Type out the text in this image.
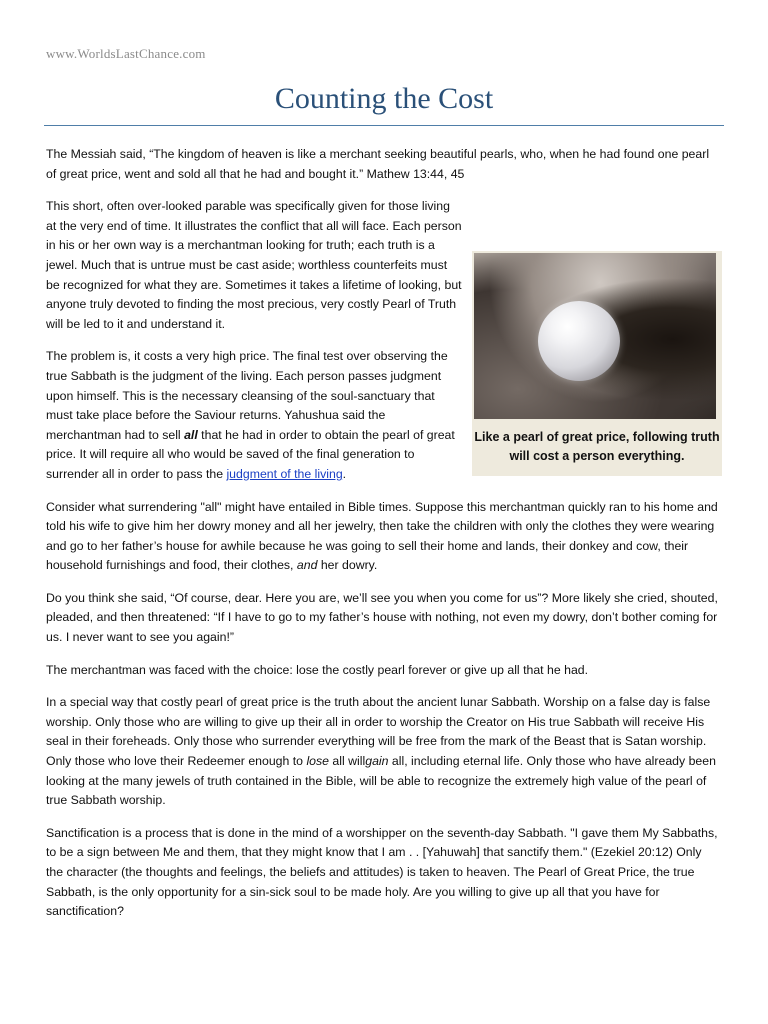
www.WorldsLastChance.com
Counting the Cost

The Messiah said, “The kingdom of heaven is like a merchant seeking beautiful pearls, who, when he had found one pearl of great price, went and sold all that he had and bought it.” Mathew 13:44, 45

Like a pearl of great price, following truth will cost a person everything.

This short, often over-looked parable was specifically given for those living at the very end of time. It illustrates the conflict that all will face. Each person in his or her own way is a merchantman looking for truth; each truth is a jewel. Much that is untrue must be cast aside; worthless counterfeits must be recognized for what they are. Sometimes it takes a lifetime of looking, but anyone truly devoted to finding the most precious, very costly Pearl of Truth will be led to it and understand it.

The problem is, it costs a very high price. The final test over observing the true Sabbath is the judgment of the living. Each person passes judgment upon himself. This is the necessary cleansing of the soul-sanctuary that must take place before the Saviour returns. Yahushua said the merchantman had to sell all that he had in order to obtain the pearl of great price. It will require all who would be saved of the final generation to surrender all in order to pass the judgment of the living.

Consider what surrendering "all" might have entailed in Bible times. Suppose this merchantman quickly ran to his home and told his wife to give him her dowry money and all her jewelry, then take the children with only the clothes they were wearing and go to her father’s house for awhile because he was going to sell their home and lands, their donkey and cow, their household furnishings and food, their clothes, and her dowry.

Do you think she said, “Of course, dear. Here you are, we’ll see you when you come for us”? More likely she cried, shouted, pleaded, and then threatened: “If I have to go to my father’s house with nothing, not even my dowry, don’t bother coming for us. I never want to see you again!”

The merchantman was faced with the choice: lose the costly pearl forever or give up all that he had.

In a special way that costly pearl of great price is the truth about the ancient lunar Sabbath. Worship on a false day is false worship. Only those who are willing to give up their all in order to worship the Creator on His true Sabbath will receive His seal in their foreheads. Only those who surrender everything will be free from the mark of the Beast that is Satan worship. Only those who love their Redeemer enough to lose all willgain all, including eternal life. Only those who have already been looking at the many jewels of truth contained in the Bible, will be able to recognize the extremely high value of the pearl of true Sabbath worship.

Sanctification is a process that is done in the mind of a worshipper on the seventh-day Sabbath. "I gave them My Sabbaths, to be a sign between Me and them, that they might know that I am . . [Yahuwah] that sanctify them." (Ezekiel 20:12) Only the character (the thoughts and feelings, the beliefs and attitudes) is taken to heaven. The Pearl of Great Price, the true Sabbath, is the only opportunity for a sin-sick soul to be made holy. Are you willing to give up all that you have for sanctification?
